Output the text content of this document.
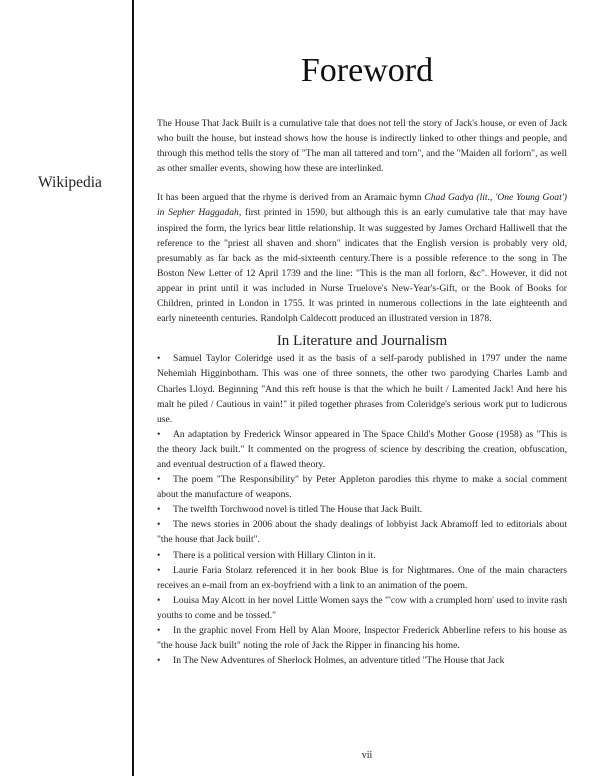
Wikipedia
Foreword

The House That Jack Built is a cumulative tale that does not tell the story of Jack's house, or even of Jack who built the house, but instead shows how the house is indirectly linked to other things and people, and through this method tells the story of "The man all tattered and torn", and the "Maiden all forlorn", as well as other smaller events, showing how these are interlinked.

It has been argued that the rhyme is derived from an Aramaic hymn Chad Gadya (lit., 'One Young Goat') in Sepher Haggadah, first printed in 1590, but although this is an early cumulative tale that may have inspired the form, the lyrics bear little relationship. It was suggested by James Orchard Halliwell that the reference to the "priest all shaven and shorn" indicates that the English version is probably very old, presumably as far back as the mid-sixteenth century.There is a possible reference to the song in The Boston New Letter of 12 April 1739 and the line: "This is the man all forlorn, &c". However, it did not appear in print until it was included in Nurse Truelove's New-Year's-Gift, or the Book of Books for Children, printed in London in 1755. It was printed in numerous collections in the late eighteenth and early nineteenth centuries. Randolph Caldecott produced an illustrated version in 1878.

In Literature and Journalism

• Samuel Taylor Coleridge used it as the basis of a self-parody published in 1797 under the name Nehemiah Higginbotham. This was one of three sonnets, the other two parodying Charles Lamb and Charles Lloyd. Beginning "And this reft house is that the which he built / Lamented Jack! And here his malt he piled / Cautious in vain!" it piled together phrases from Coleridge's serious work put to ludicrous use.

• An adaptation by Frederick Winsor appeared in The Space Child's Mother Goose (1958) as "This is the theory Jack built." It commented on the progress of science by describing the creation, obfuscation, and eventual destruction of a flawed theory.

• The poem "The Responsibility" by Peter Appleton parodies this rhyme to make a social comment about the manufacture of weapons.

• The twelfth Torchwood novel is titled The House that Jack Built.

• The news stories in 2006 about the shady dealings of lobbyist Jack Abramoff led to editorials about "the house that Jack built".

• There is a political version with Hillary Clinton in it.

• Laurie Faria Stolarz referenced it in her book Blue is for Nightmares. One of the main characters receives an e-mail from an ex-boyfriend with a link to an animation of the poem.

• Louisa May Alcott in her novel Little Women says the "'cow with a crumpled horn' used to invite rash youths to come and be tossed."

• In the graphic novel From Hell by Alan Moore, Inspector Frederick Abberline refers to his house as "the house Jack built" noting the role of Jack the Ripper in financing his home.

• In The New Adventures of Sherlock Holmes, an adventure titled "The House that Jack

vii
